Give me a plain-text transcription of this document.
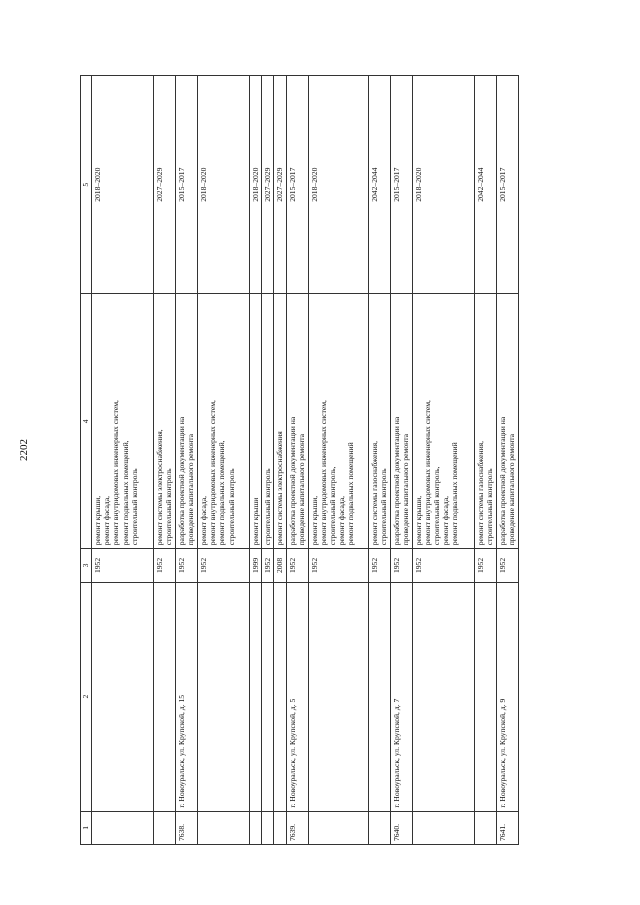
2202
1	2	3	4	5
		1952	ремонт крыши, ремонт фасада, ремонт внутридомовых инженерных систем, ремонт подвальных помещений, строительный контроль	2018–2020
		1952	ремонт системы электроснабжения, строительный контроль	2027–2029
7638.	г. Новоуральск, ул. Крупской, д. 15	1952	разработка проектной документации на проведение капитального ремонта	2015–2017
		1952	ремонт фасада, ремонт внутридомовых инженерных систем, ремонт подвальных помещений, строительный контроль	2018–2020
		1999	ремонт крыши	2018–2020
		1952	строительный контроль	2027–2029
		2008	ремонт системы электроснабжения	2027–2029
7639.	г. Новоуральск, ул. Крупской, д. 5	1952	разработка проектной документации на проведение капитального ремонта	2015–2017
		1952	ремонт крыши, ремонт внутридомовых инженерных систем, строительный контроль, ремонт фасада, ремонт подвальных помещений	2018–2020
		1952	ремонт системы газоснабжения, строительный контроль	2042–2044
7640.	г. Новоуральск, ул. Крупской, д. 7	1952	разработка проектной документации на проведение капитального ремонта	2015–2017
		1952	ремонт крыши, ремонт внутридомовых инженерных систем, строительный контроль, ремонт фасада, ремонт подвальных помещений	2018–2020
		1952	ремонт системы газоснабжения, строительный контроль	2042–2044
7641.	г. Новоуральск, ул. Крупской, д. 9	1952	разработка проектной документации на проведение капитального ремонта	2015–2017
